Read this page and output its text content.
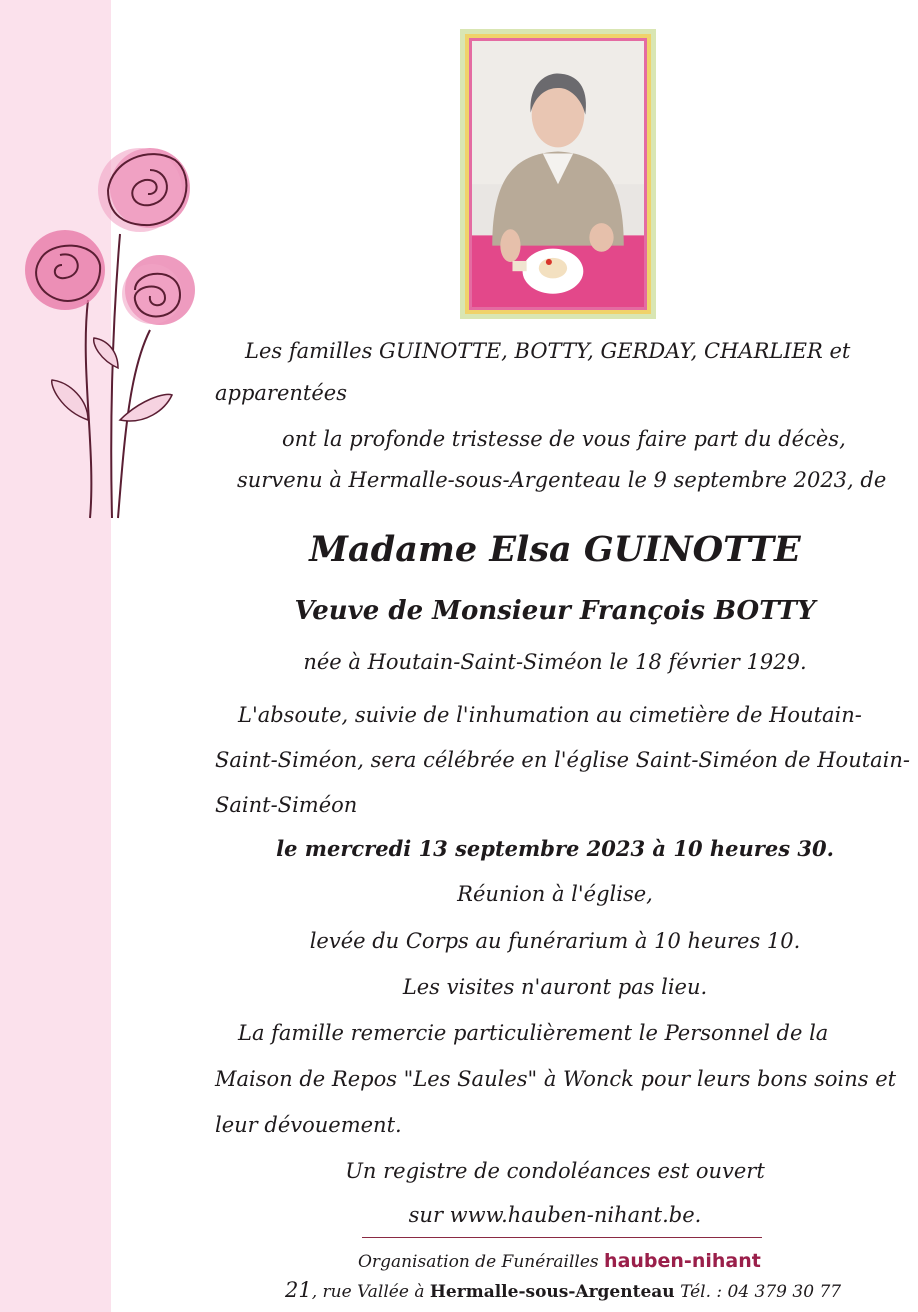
Les familles GUINOTTE, BOTTY, GERDAY, CHARLIER et
apparentées
ont la profonde tristesse de vous faire part du décès,
survenu à Hermalle-sous-Argenteau le 9 septembre 2023, de
Madame Elsa GUINOTTE
Veuve de Monsieur François BOTTY
née à Houtain-Saint-Siméon le 18 février 1929.
L'absoute, suivie de l'inhumation au cimetière de Houtain-
Saint-Siméon, sera célébrée en l'église Saint-Siméon de Houtain-
Saint-Siméon
le mercredi 13 septembre 2023 à 10 heures 30.
Réunion à l'église,
levée du Corps au funérarium à 10 heures 10.
Les visites n'auront pas lieu.
La famille remercie particulièrement le Personnel de la
Maison de Repos "Les Saules" à Wonck pour leurs bons soins et
leur dévouement.
Un registre de condoléances est ouvert
sur www.hauben-nihant.be.
Organisation de Funérailles hauben-nihant
21, rue Vallée à Hermalle-sous-Argenteau Tél. : 04 379 30 77
